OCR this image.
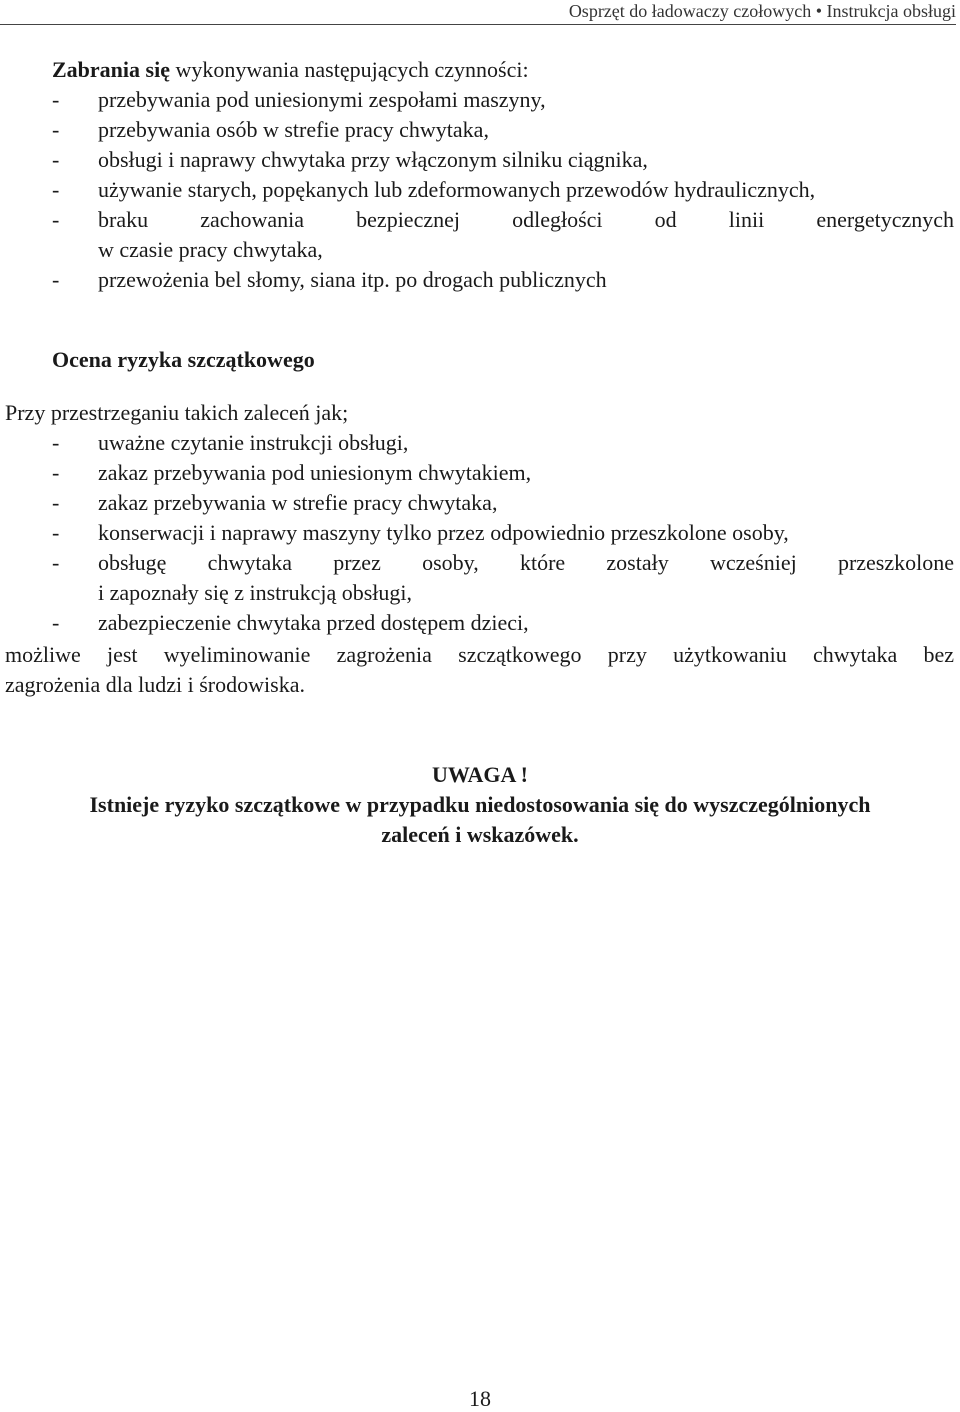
Osprzęt do ładowaczy czołowych • Instrukcja obsługi
Zabrania się wykonywania następujących czynności:
- przebywania pod uniesionymi zespołami maszyny,
- przebywania osób w strefie pracy chwytaka,
- obsługi i naprawy chwytaka przy włączonym silniku ciągnika,
- używanie starych, popękanych lub zdeformowanych przewodów hydraulicznych,
- braku zachowania bezpiecznej odległości od linii energetycznych
w czasie pracy chwytaka,
- przewożenia bel słomy, siana itp. po drogach publicznych
Ocena ryzyka szczątkowego
Przy przestrzeganiu takich zaleceń jak;
- uważne czytanie instrukcji obsługi,
- zakaz przebywania pod uniesionym chwytakiem,
- zakaz przebywania w strefie pracy chwytaka,
- konserwacji i naprawy maszyny tylko przez odpowiednio przeszkolone osoby,
- obsługę chwytaka przez osoby, które zostały wcześniej przeszkolone
i zapoznały się z instrukcją obsługi,
- zabezpieczenie chwytaka przed dostępem dzieci,
możliwe jest wyeliminowanie zagrożenia szczątkowego przy użytkowaniu chwytaka bez
zagrożenia dla ludzi i środowiska.
UWAGA !
Istnieje ryzyko szczątkowe w przypadku niedostosowania się do wyszczególnionych
zaleceń i wskazówek.
18
